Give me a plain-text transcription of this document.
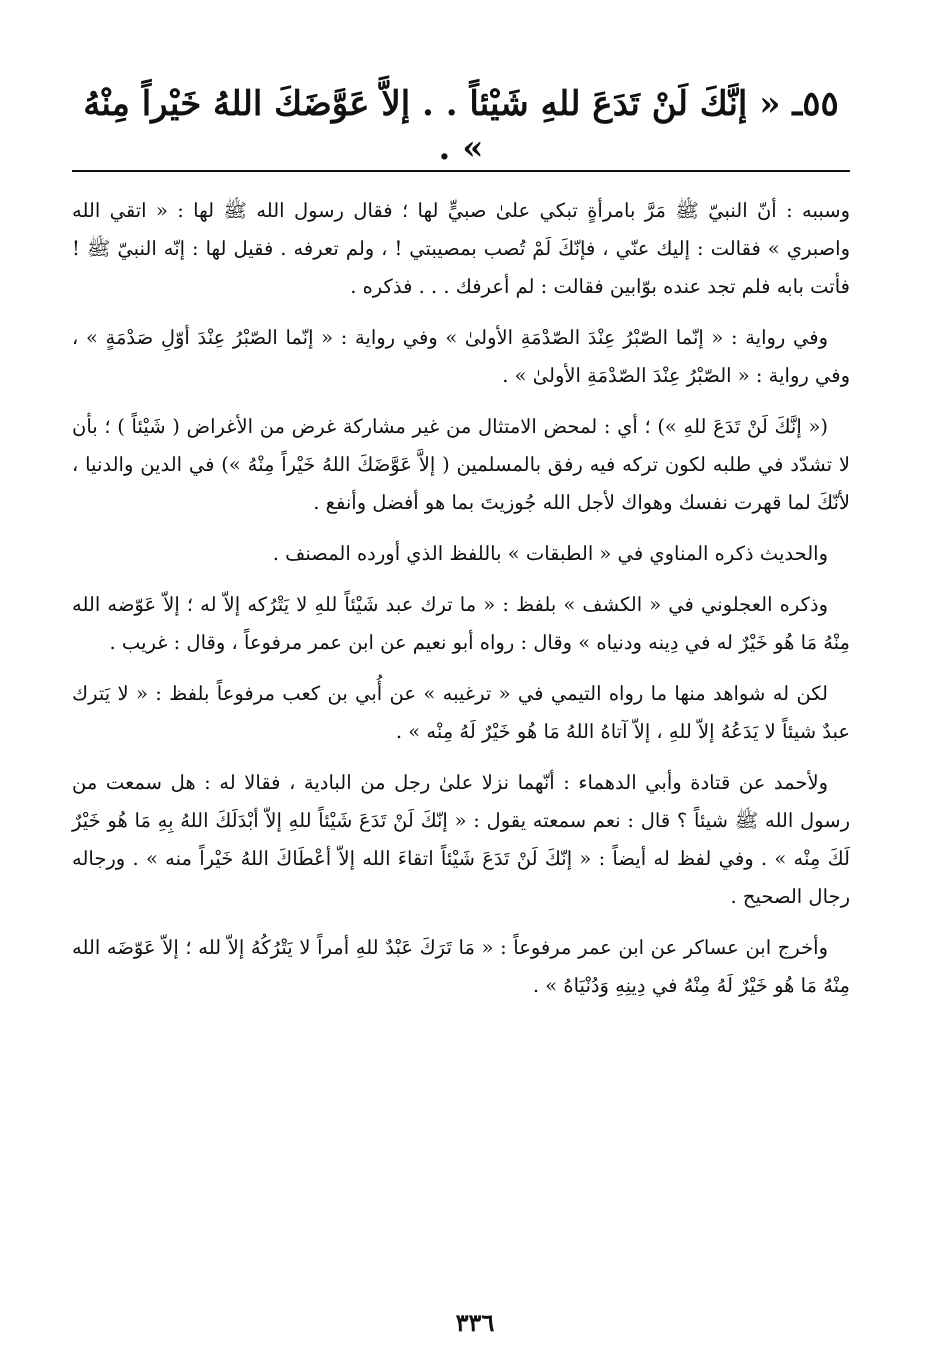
٥٥ـ « إنَّكَ لَنْ تَدَعَ للهِ شَيْئاً . . إلاَّ عَوَّضَكَ اللهُ خَيْراً مِنْهُ » .

وسببه : أنّ النبيّ ﷺ مَرَّ بامرأةٍ تبكي علىٰ صبيٍّ لها ؛ فقال رسول الله ﷺ لها : « اتقي الله واصبري » فقالت : إليك عنّي ، فإنّكَ لَمْ تُصب بمصيبتي ! ، ولم تعرفه . فقيل لها : إنّه النبيّ ﷺ ! فأتت بابه فلم تجد عنده بوّابين فقالت : لم أعرفك . . . فذكره .

وفي رواية : « إنّما الصّبْرُ عِنْدَ الصّدْمَةِ الأولىٰ » وفي رواية : « إنّما الصّبْرُ عِنْدَ أوّلِ صَدْمَةٍ » ، وفي رواية : « الصّبْرُ عِنْدَ الصّدْمَةِ الأولىٰ » .

(« إنَّكَ لَنْ تَدَعَ للهِ ») ؛ أي : لمحض الامتثال من غير مشاركة غرض من الأغراض ( شَيْئاً ) ؛ بأن لا تشدّد في طلبه لكون تركه فيه رفق بالمسلمين ( إلاَّ عَوَّضَكَ اللهُ خَيْراً مِنْهُ ») في الدين والدنيا ، لأنّكَ لما قهرت نفسك وهواك لأجل الله جُوزيتَ بما هو أفضل وأنفع .

والحديث ذكره المناوي في « الطبقات » باللفظ الذي أورده المصنف .

وذكره العجلوني في « الكشف » بلفظ : « ما ترك عبد شَيْئاً للهِ لا يَتْرُكه إلاّ له ؛ إلاّ عَوّضه الله مِنْهُ مَا هُو خَيْرٌ له في دِينه ودنياه » وقال : رواه أبو نعيم عن ابن عمر مرفوعاً ، وقال : غريب .

لكن له شواهد منها ما رواه التيمي في « ترغيبه » عن أُبي بن كعب مرفوعاً بلفظ : « لا يَترك عبدٌ شيئاً لا يَدَعُهُ إلاّ للهِ ، إلاّ آتاهُ اللهُ مَا هُو خَيْرٌ لَهُ مِنْه » .

ولأحمد عن قتادة وأبي الدهماء : أنّهما نزلا علىٰ رجل من البادية ، فقالا له : هل سمعت من رسول الله ﷺ شيئاً ؟ قال : نعم سمعته يقول : « إنّكَ لَنْ تَدَعَ شَيْئاً للهِ إلاّ أبْدَلَكَ اللهُ بِهِ مَا هُو خَيْرٌ لَكَ مِنْه » . وفي لفظ له أيضاً : « إنّكَ لَنْ تَدَعَ شَيْئاً اتقاءَ الله إلاّ أعْطَاكَ اللهُ خَيْراً منه » . ورجاله رجال الصحيح .

وأخرج ابن عساكر عن ابن عمر مرفوعاً : « مَا تَرَكَ عَبْدٌ للهِ أمراً لا يَتْرُكُهُ إلاّ لله ؛ إلاّ عَوّضَه الله مِنْهُ مَا هُو خَيْرٌ لَهُ مِنْهُ في دِينِهِ وَدُنْيَاهُ » .

٣٣٦
